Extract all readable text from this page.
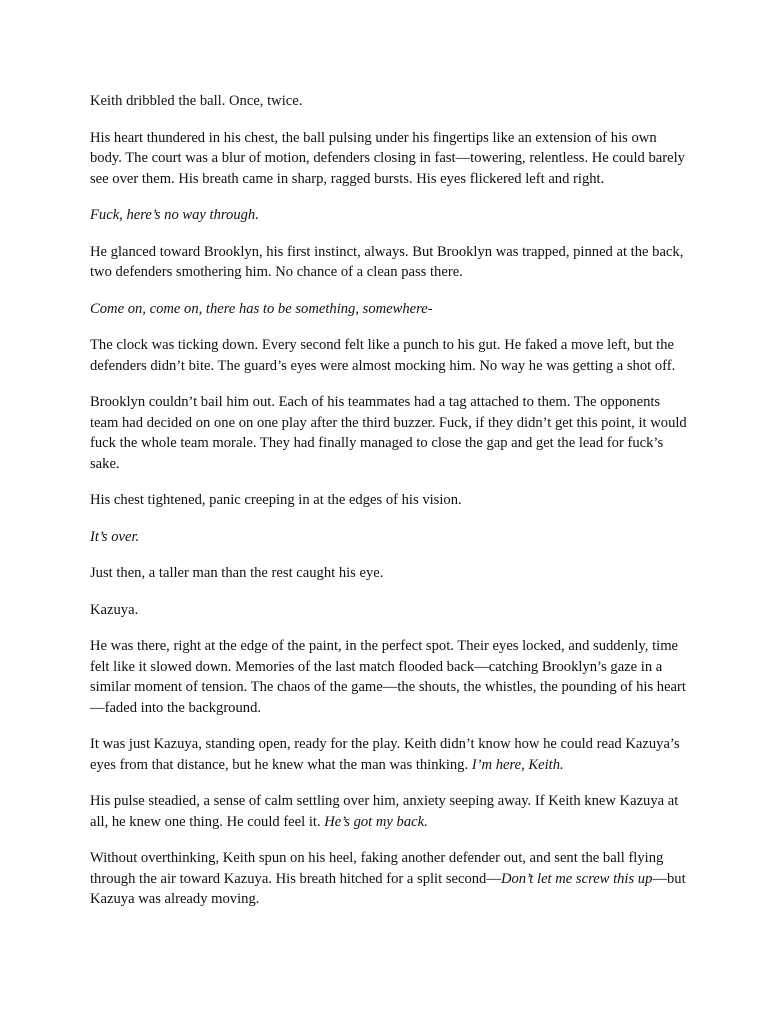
Keith dribbled the ball. Once, twice.

His heart thundered in his chest, the ball pulsing under his fingertips like an extension of his own body. The court was a blur of motion, defenders closing in fast—towering, relentless. He could barely see over them. His breath came in sharp, ragged bursts. His eyes flickered left and right.

Fuck, here’s no way through.

He glanced toward Brooklyn, his first instinct, always. But Brooklyn was trapped, pinned at the back, two defenders smothering him. No chance of a clean pass there.

Come on, come on, there has to be something, somewhere-

The clock was ticking down. Every second felt like a punch to his gut. He faked a move left, but the defenders didn’t bite. The guard’s eyes were almost mocking him. No way he was getting a shot off.

Brooklyn couldn’t bail him out. Each of his teammates had a tag attached to them. The opponents team had decided on one on one play after the third buzzer. Fuck, if they didn’t get this point, it would fuck the whole team morale. They had finally managed to close the gap and get the lead for fuck’s sake.

His chest tightened, panic creeping in at the edges of his vision.

It’s over.

Just then, a taller man than the rest caught his eye.

Kazuya.

He was there, right at the edge of the paint, in the perfect spot. Their eyes locked, and suddenly, time felt like it slowed down. Memories of the last match flooded back—catching Brooklyn’s gaze in a similar moment of tension. The chaos of the game—the shouts, the whistles, the pounding of his heart—faded into the background.

It was just Kazuya, standing open, ready for the play. Keith didn’t know how he could read Kazuya’s eyes from that distance, but he knew what the man was thinking. I’m here, Keith.

His pulse steadied, a sense of calm settling over him, anxiety seeping away. If Keith knew Kazuya at all, he knew one thing. He could feel it. He’s got my back.

Without overthinking, Keith spun on his heel, faking another defender out, and sent the ball flying through the air toward Kazuya. His breath hitched for a split second—Don’t let me screw this up—but Kazuya was already moving.
